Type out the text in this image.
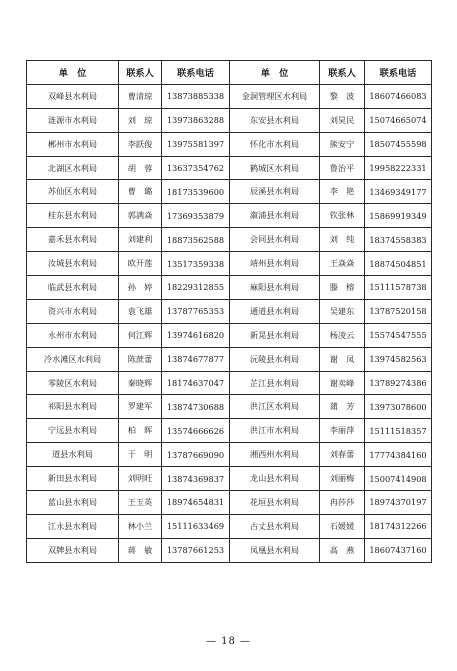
单　位	联系人	联系电话	单　位	联系人	联系电话
双峰县水利局	曹清琼	13873885338	金洞管理区水利局	黎　波	18607466083
涟源市水利局	刘　琼	13973863288	东安县水利局	刘昊民	15074665074
郴州市水利局	李跃俊	13975581397	怀化市水利局	熊安宁	18507455598
北湖区水利局	胡　蓉	13637354762	鹤城区水利局	鲁治平	19958222331
苏仙区水利局	曹　璐	18173539600	辰溪县水利局	李　艳	13469349177
桂东县水利局	郭满焱	17369353879	溆浦县水利局	钦张林	15869919349
嘉禾县水利局	刘建利	18873562588	会同县水利局	刘　纯	18374558383
汝城县水利局	欧开莲	13517359338	靖州县水利局	王焱焱	18874504851
临武县水利局	孙　婷	18229312855	麻阳县水利局	滕　榕	15111578738
资兴市水利局	袁飞雄	13787765353	通道县水利局	吴建东	13787520158
永州市水利局	何江辉	13974616820	新晃县水利局	杨凌云	15574547555
冷水滩区水利局	陈蔗蕾	13874677877	沅陵县水利局	谢　凤	13974582563
零陵区水利局	秦晓辉	18174637047	芷江县水利局	谢卖峰	13789274386
祁阳县水利局	罗建军	13874730688	洪江区水利局	蒲　芳	13973078600
宁远县水利局	柏　晖	13574666626	洪江市水利局	李丽萍	15111518357
道县水利局	于　明	13787669090	湘西州水利局	刘春蕾	17774384160
新田县水利局	刘明旺	13874369837	龙山县水利局	刘丽梅	15007414908
蓝山县水利局	王玉英	18974654831	花垣县水利局	冉莎莎	18974370197
江永县水利局	林小兰	15111633469	古丈县水利局	石媛媛	18174312266
双牌县水利局	蒋　敏	13787661253	凤凰县水利局	高　燕	18607437160
— 18 —
